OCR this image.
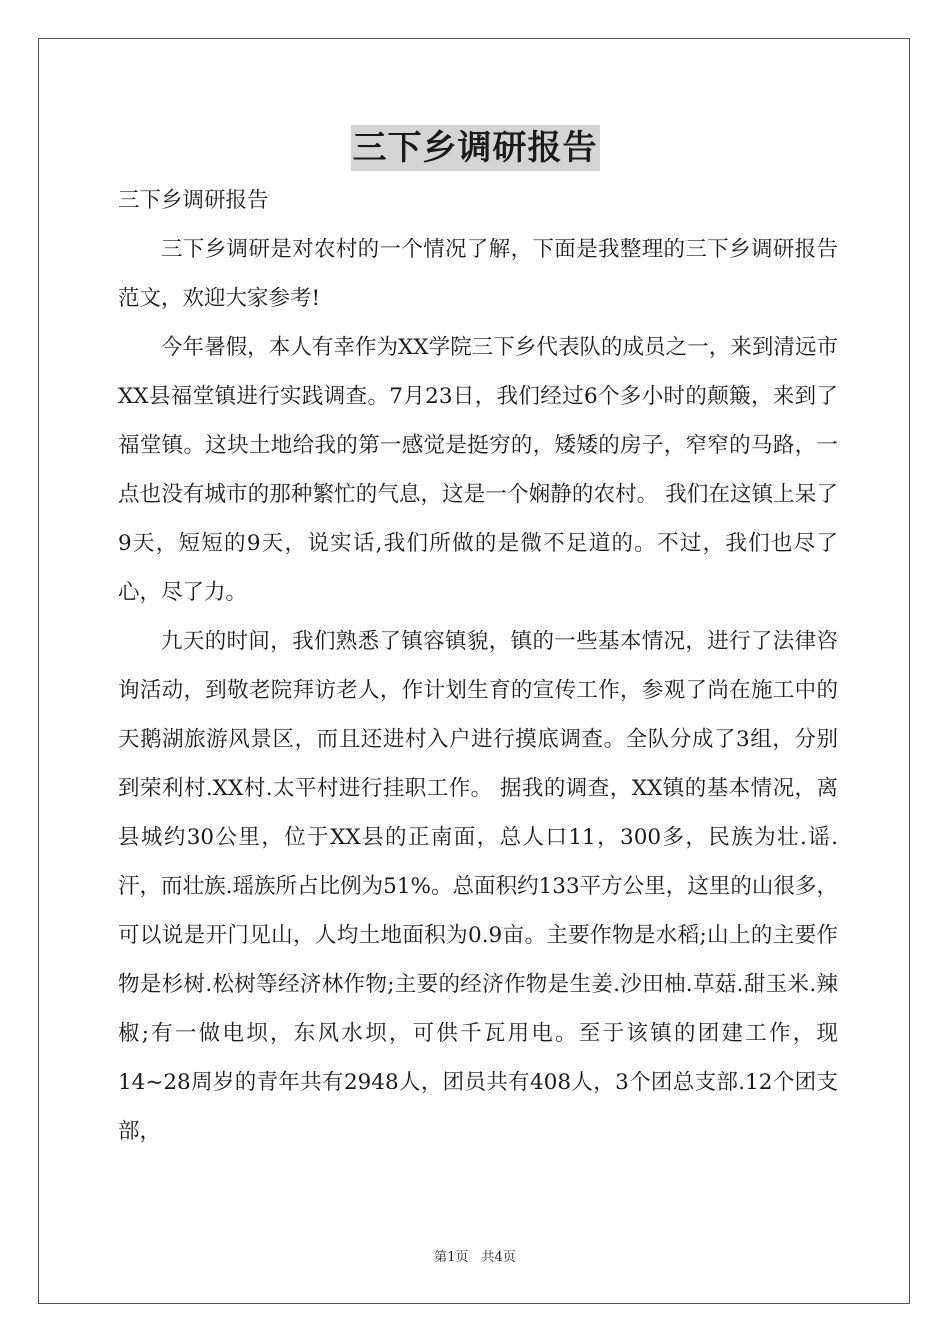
三下乡调研报告
三下乡调研报告

三下乡调研是对农村的一个情况了解，下面是我整理的三下乡调研报告范文，欢迎大家参考!

今年暑假，本人有幸作为XX学院三下乡代表队的成员之一，来到清远市XX县福堂镇进行实践调查。7月23日，我们经过6个多小时的颠簸，来到了福堂镇。这块土地给我的第一感觉是挺穷的，矮矮的房子，窄窄的马路，一点也没有城市的那种繁忙的气息，这是一个娴静的农村。 我们在这镇上呆了9天，短短的9天，说实话,我们所做的是微不足道的。不过，我们也尽了心，尽了力。

九天的时间，我们熟悉了镇容镇貌，镇的一些基本情况，进行了法律咨询活动，到敬老院拜访老人，作计划生育的宣传工作，参观了尚在施工中的天鹅湖旅游风景区，而且还进村入户进行摸底调查。全队分成了3组，分别到荣利村.XX村.太平村进行挂职工作。 据我的调查，XX镇的基本情况，离县城约30公里，位于XX县的正南面，总人口11，300多，民族为壮.谣.汗，而壮族.瑶族所占比例为51%。总面积约133平方公里，这里的山很多，可以说是开门见山，人均土地面积为0.9亩。主要作物是水稻;山上的主要作物是杉树.松树等经济林作物;主要的经济作物是生姜.沙田柚.草菇.甜玉米.辣椒;有一做电坝，东风水坝，可供千瓦用电。至于该镇的团建工作，现14~28周岁的青年共有2948人，团员共有408人，3个团总支部.12个团支部，

第1页　共4页
